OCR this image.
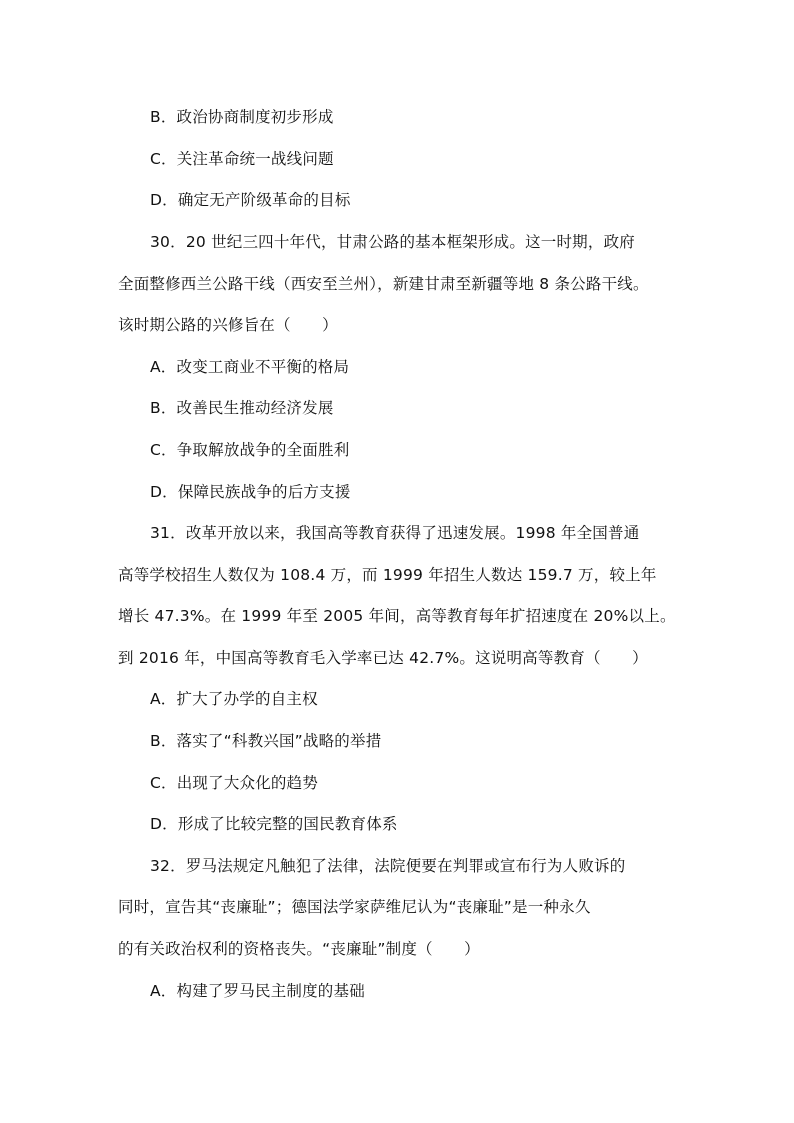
B．政治协商制度初步形成
C．关注革命统一战线问题
D．确定无产阶级革命的目标
30．20 世纪三四十年代，甘肃公路的基本框架形成。这一时期，政府
全面整修西兰公路干线（西安至兰州），新建甘肃至新疆等地 8 条公路干线。
该时期公路的兴修旨在（　　）
A．改变工商业不平衡的格局
B．改善民生推动经济发展
C．争取解放战争的全面胜利
D．保障民族战争的后方支援
31．改革开放以来，我国高等教育获得了迅速发展。1998 年全国普通
高等学校招生人数仅为 108.4 万，而 1999 年招生人数达 159.7 万，较上年
增长 47.3%。在 1999 年至 2005 年间，高等教育每年扩招速度在 20%以上。
到 2016 年，中国高等教育毛入学率已达 42.7%。这说明高等教育（　　）
A．扩大了办学的自主权
B．落实了“科教兴国”战略的举措
C．出现了大众化的趋势
D．形成了比较完整的国民教育体系
32．罗马法规定凡触犯了法律，法院便要在判罪或宣布行为人败诉的
同时，宣告其“丧廉耻”；德国法学家萨维尼认为“丧廉耻”是一种永久
的有关政治权利的资格丧失。“丧廉耻”制度（　　）
A．构建了罗马民主制度的基础
